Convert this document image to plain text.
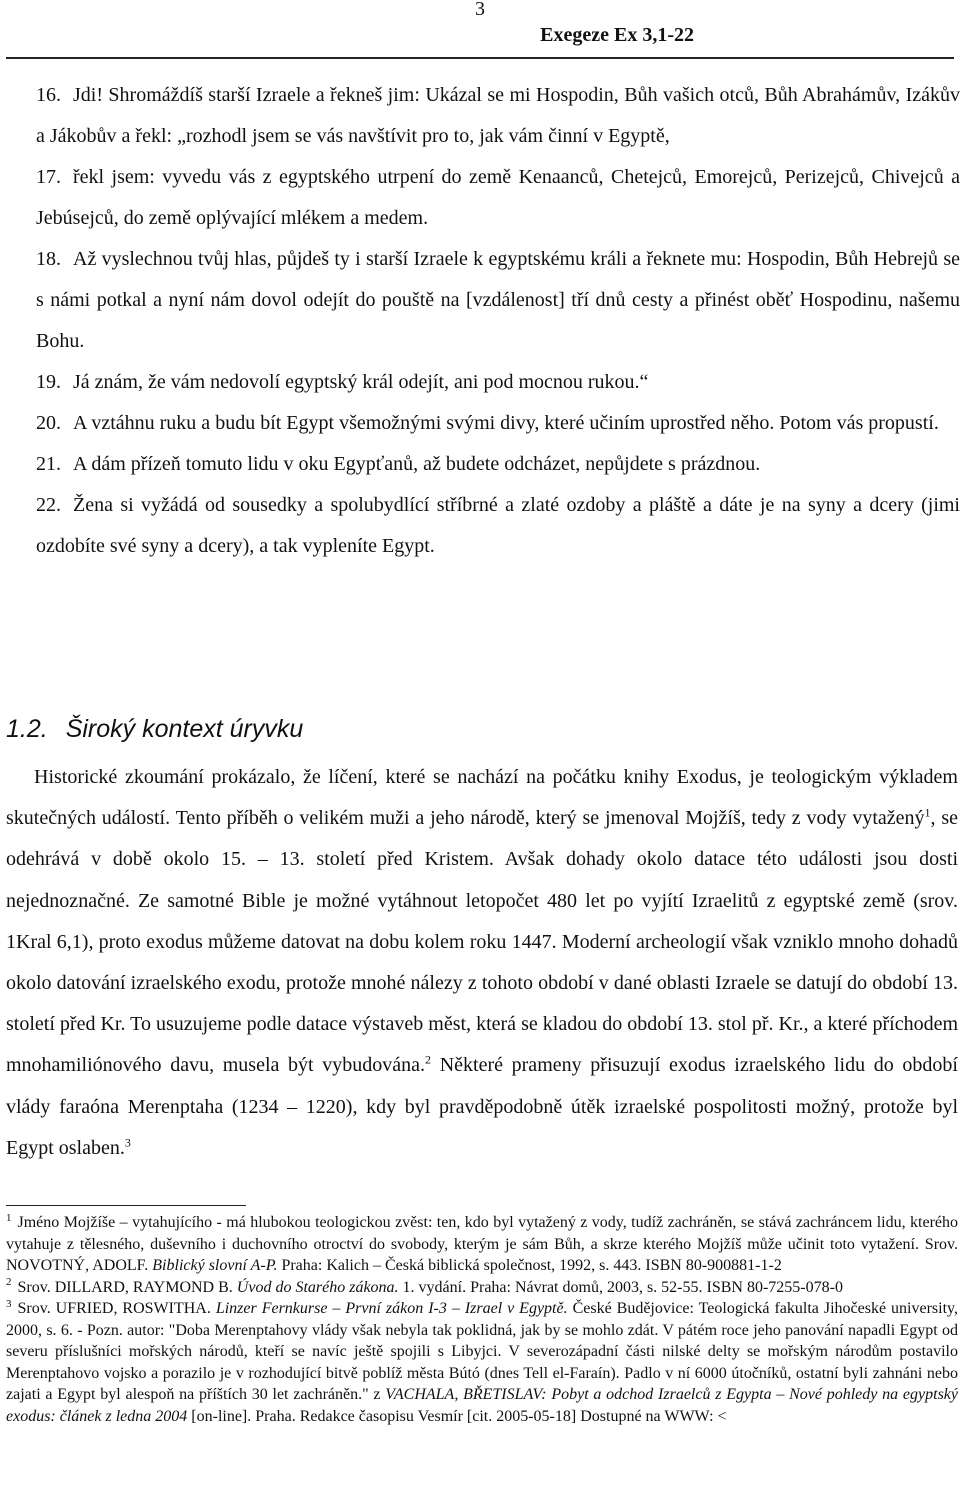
3
Exegeze Ex 3,1-22

16. Jdi! Shromáždíš starší Izraele a řekneš jim: Ukázal se mi Hospodin, Bůh vašich otců, Bůh Abrahámův, Izákův a Jákobův a řekl: „rozhodl jsem se vás navštívit pro to, jak vám činní v Egyptě,

17. řekl jsem: vyvedu vás z egyptského utrpení do země Kenaanců, Chetejců, Emorejců, Perizejců, Chivejců a Jebúsejců, do země oplývající mlékem a medem.

18. Až vyslechnou tvůj hlas, půjdeš ty i starší Izraele k egyptskému králi a řeknete mu: Hospodin, Bůh Hebrejů se s námi potkal a nyní nám dovol odejít do pouště na [vzdálenost] tří dnů cesty a přinést oběť Hospodinu, našemu Bohu.

19. Já znám, že vám nedovolí egyptský král odejít, ani pod mocnou rukou.“

20. A vztáhnu ruku a budu bít Egypt všemožnými svými divy, které učiním uprostřed něho. Potom vás propustí.

21. A dám přízeň tomuto lidu v oku Egypťanů, až budete odcházet, nepůjdete s prázdnou.

22. Žena si vyžádá od sousedky a spolubydlící stříbrné a zlaté ozdoby a pláště a dáte je na syny a dcery (jimi ozdobíte své syny a dcery), a tak vypleníte Egypt.

1.2. Široký kontext úryvku
Historické zkoumání prokázalo, že líčení, které se nachází na počátku knihy Exodus, je teologickým výkladem skutečných událostí. Tento příběh o velikém muži a jeho národě, který se jmenoval Mojžíš, tedy z vody vytažený$^1$, se odehrává v době okolo 15. – 13. století před Kristem. Avšak dohady okolo datace této události jsou dosti nejednoznačné. Ze samotné Bible je možné vytáhnout letopočet 480 let po vyjítí Izraelitů z egyptské země (srov. 1Kral 6,1), proto exodus můžeme datovat na dobu kolem roku 1447. Moderní archeologií však vzniklo mnoho dohadů okolo datování izraelského exodu, protože mnohé nálezy z tohoto období v dané oblasti Izraele se datují do období 13. století před Kr. To usuzujeme podle datace výstaveb měst, která se kladou do období 13. stol př. Kr., a které příchodem mnohamiliónového davu, musela být vybudována.$^2$ Některé prameny přisuzují exodus izraelského lidu do období vlády faraóna Merenptaha (1234 – 1220), kdy byl pravděpodobně útěk izraelské pospolitosti možný, protože byl Egypt oslaben.$^3$

$^1$ Jméno Mojžíše – vytahujícího - má hlubokou teologickou zvěst: ten, kdo byl vytažený z vody, tudíž zachráněn, se stává zachráncem lidu, kterého vytahuje z tělesného, duševního i duchovního otroctví do svobody, kterým je sám Bůh, a skrze kterého Mojžíš může učinit toto vytažení. Srov. NOVOTNÝ, ADOLF. Biblický slovní A-P. Praha: Kalich – Česká biblická společnost, 1992, s. 443. ISBN 80-900881-1-2

$^2$ Srov. DILLARD, RAYMOND B. Úvod do Starého zákona. 1. vydání. Praha: Návrat domů, 2003, s. 52-55. ISBN 80-7255-078-0

$^3$ Srov. UFRIED, ROSWITHA. Linzer Fernkurse – První zákon I-3 – Izrael v Egyptě. České Budějovice: Teologická fakulta Jihočeské university, 2000, s. 6. - Pozn. autor: "Doba Merenptahovy vlády však nebyla tak poklidná, jak by se mohlo zdát. V pátém roce jeho panování napadli Egypt od severu příslušníci mořských národů, kteří se navíc ještě spojili s Libyjci. V severozápadní části nilské delty se mořským národům postavilo Merenptahovo vojsko a porazilo je v rozhodující bitvě poblíž města Bútó (dnes Tell el-Faraín). Padlo v ní 6000 útočníků, ostatní byli zahnáni nebo zajati a Egypt byl alespoň na příštích 30 let zachráněn." z VACHALA, BŘETISLAV: Pobyt a odchod Izraelců z Egypta – Nové pohledy na egyptský exodus: článek z ledna 2004 [on-line]. Praha. Redakce časopisu Vesmír [cit. 2005-05-18] Dostupné na WWW: <
